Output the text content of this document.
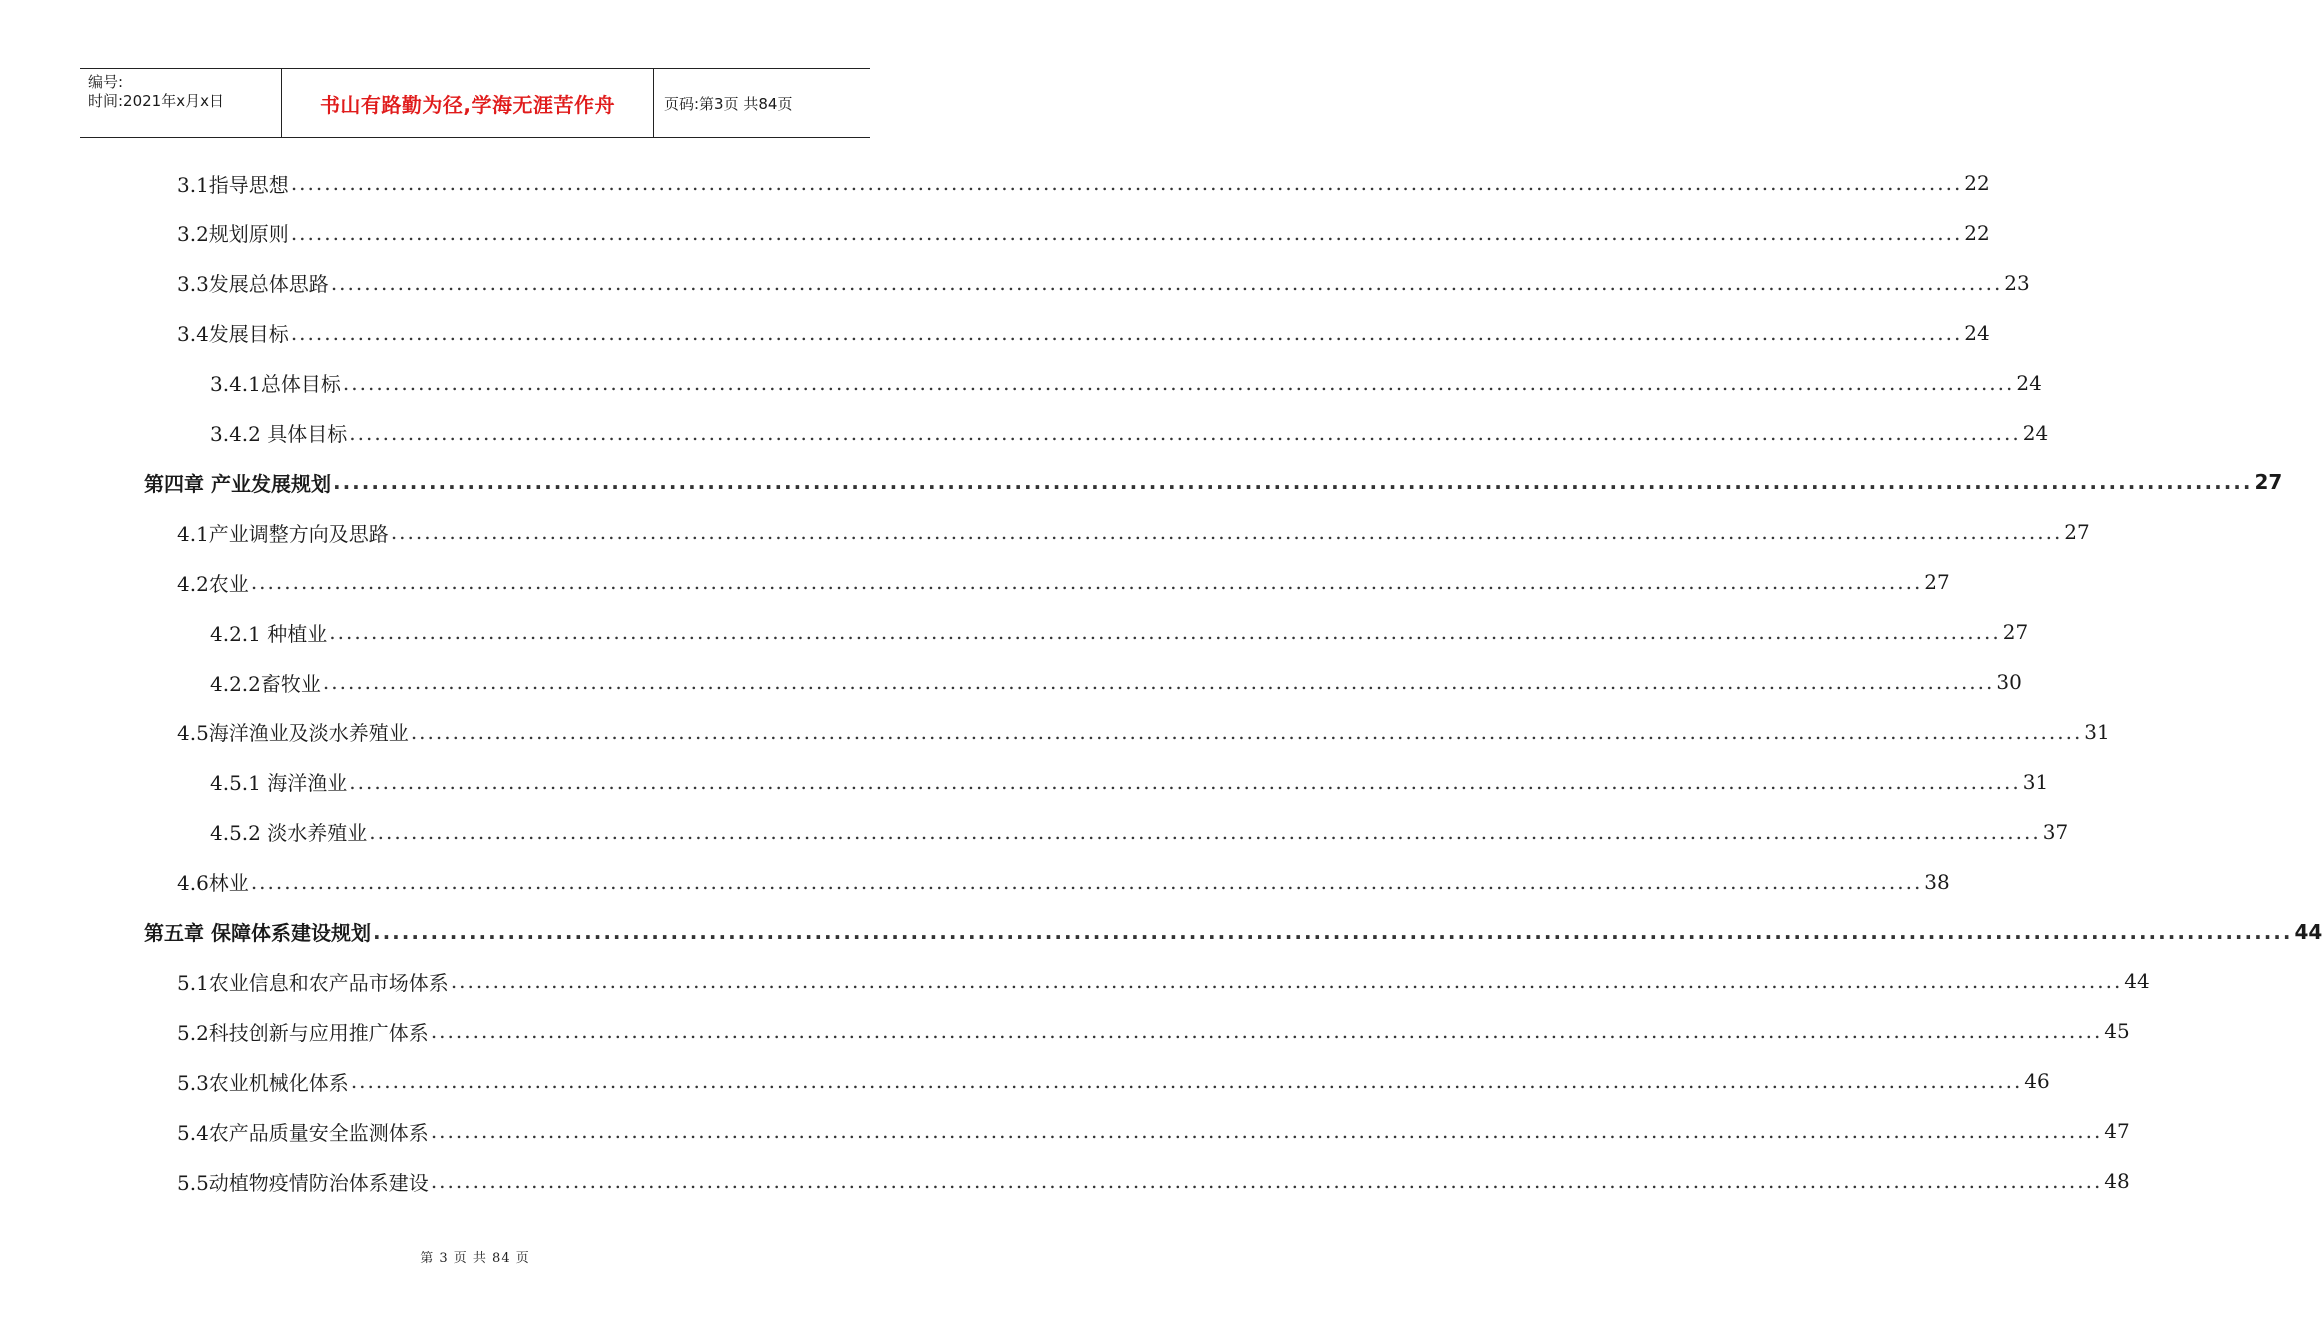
编号:
时间:2021年x月x日	书山有路勤为径,学海无涯苦作舟	页码:第3页 共84页
3.1指导思想 ........................................................................................................................................................................................................ 22
3.2规划原则 ........................................................................................................................................................................................................ 22
3.3发展总体思路 ........................................................................................................................................................................................................ 23
3.4发展目标 ........................................................................................................................................................................................................ 24
3.4.1总体目标 ........................................................................................................................................................................................................ 24
3.4.2 具体目标 ........................................................................................................................................................................................................ 24
第四章 产业发展规划 ........................................................................................................................................................................................................ 27
4.1产业调整方向及思路 ........................................................................................................................................................................................................ 27
4.2农业 ........................................................................................................................................................................................................ 27
4.2.1 种植业 ........................................................................................................................................................................................................ 27
4.2.2畜牧业 ........................................................................................................................................................................................................ 30
4.5海洋渔业及淡水养殖业 ........................................................................................................................................................................................................ 31
4.5.1 海洋渔业 ........................................................................................................................................................................................................ 31
4.5.2 淡水养殖业 ........................................................................................................................................................................................................ 37
4.6林业 ........................................................................................................................................................................................................ 38
第五章 保障体系建设规划 ........................................................................................................................................................................................................ 44
5.1农业信息和农产品市场体系 ........................................................................................................................................................................................................ 44
5.2科技创新与应用推广体系 ........................................................................................................................................................................................................ 45
5.3农业机械化体系 ........................................................................................................................................................................................................ 46
5.4农产品质量安全监测体系 ........................................................................................................................................................................................................ 47
5.5动植物疫情防治体系建设 ........................................................................................................................................................................................................ 48
第 3 页 共 84 页
